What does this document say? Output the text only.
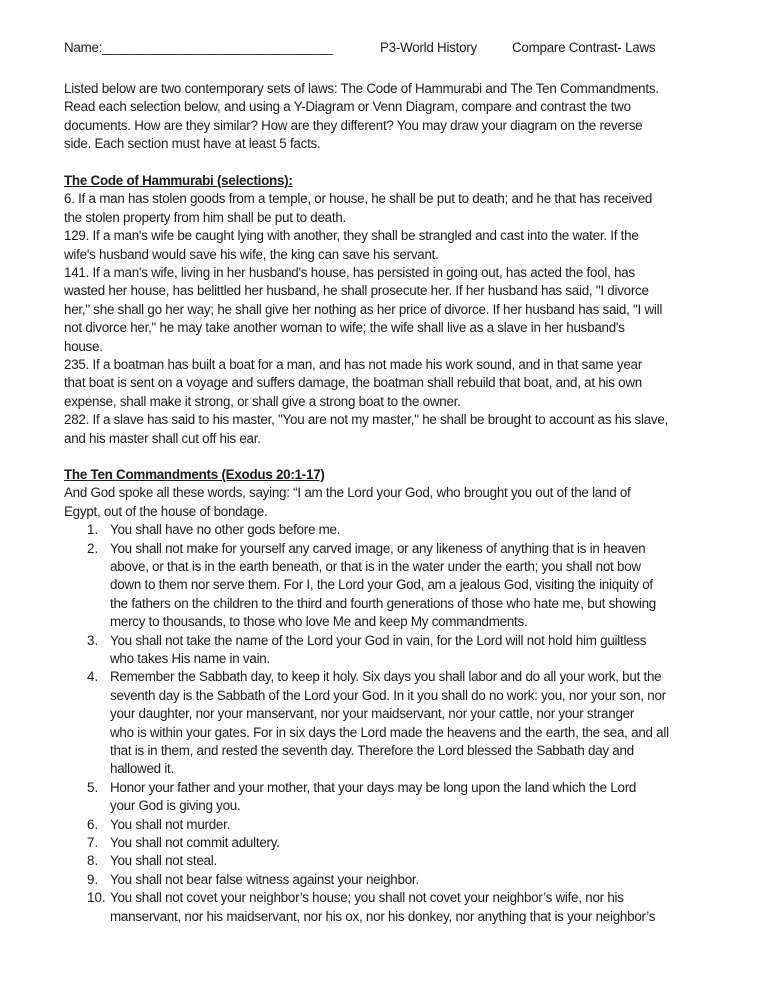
Name:________________________________	P3-World History	Compare Contrast- Laws
Listed below are two contemporary sets of laws: The Code of Hammurabi and The Ten Commandments.
Read each selection below, and using a Y-Diagram or Venn Diagram, compare and contrast the two
documents. How are they similar? How are they different? You may draw your diagram on the reverse
side. Each section must have at least 5 facts.
The Code of Hammurabi (selections):
6. If a man has stolen goods from a temple, or house, he shall be put to death; and he that has received
the stolen property from him shall be put to death.
129. If a man's wife be caught lying with another, they shall be strangled and cast into the water. If the
wife's husband would save his wife, the king can save his servant.
141. If a man's wife, living in her husband's house, has persisted in going out, has acted the fool, has
wasted her house, has belittled her husband, he shall prosecute her. If her husband has said, "I divorce
her," she shall go her way; he shall give her nothing as her price of divorce. If her husband has said, "I will
not divorce her," he may take another woman to wife; the wife shall live as a slave in her husband's
house.
235. If a boatman has built a boat for a man, and has not made his work sound, and in that same year
that boat is sent on a voyage and suffers damage, the boatman shall rebuild that boat, and, at his own
expense, shall make it strong, or shall give a strong boat to the owner.
282. If a slave has said to his master, "You are not my master," he shall be brought to account as his slave,
and his master shall cut off his ear.
The Ten Commandments (Exodus 20:1-17)
And God spoke all these words, saying: “I am the Lord your God, who brought you out of the land of
Egypt, out of the house of bondage.
1. You shall have no other gods before me.
2. You shall not make for yourself any carved image, or any likeness of anything that is in heaven
above, or that is in the earth beneath, or that is in the water under the earth; you shall not bow
down to them nor serve them. For I, the Lord your God, am a jealous God, visiting the iniquity of
the fathers on the children to the third and fourth generations of those who hate me, but showing
mercy to thousands, to those who love Me and keep My commandments.
3. You shall not take the name of the Lord your God in vain, for the Lord will not hold him guiltless
who takes His name in vain.
4. Remember the Sabbath day, to keep it holy. Six days you shall labor and do all your work, but the
seventh day is the Sabbath of the Lord your God. In it you shall do no work: you, nor your son, nor
your daughter, nor your manservant, nor your maidservant, nor your cattle, nor your stranger
who is within your gates. For in six days the Lord made the heavens and the earth, the sea, and all
that is in them, and rested the seventh day. Therefore the Lord blessed the Sabbath day and
hallowed it.
5. Honor your father and your mother, that your days may be long upon the land which the Lord
your God is giving you.
6. You shall not murder.
7. You shall not commit adultery.
8. You shall not steal.
9. You shall not bear false witness against your neighbor.
10. You shall not covet your neighbor’s house; you shall not covet your neighbor’s wife, nor his
manservant, nor his maidservant, nor his ox, nor his donkey, nor anything that is your neighbor’s
